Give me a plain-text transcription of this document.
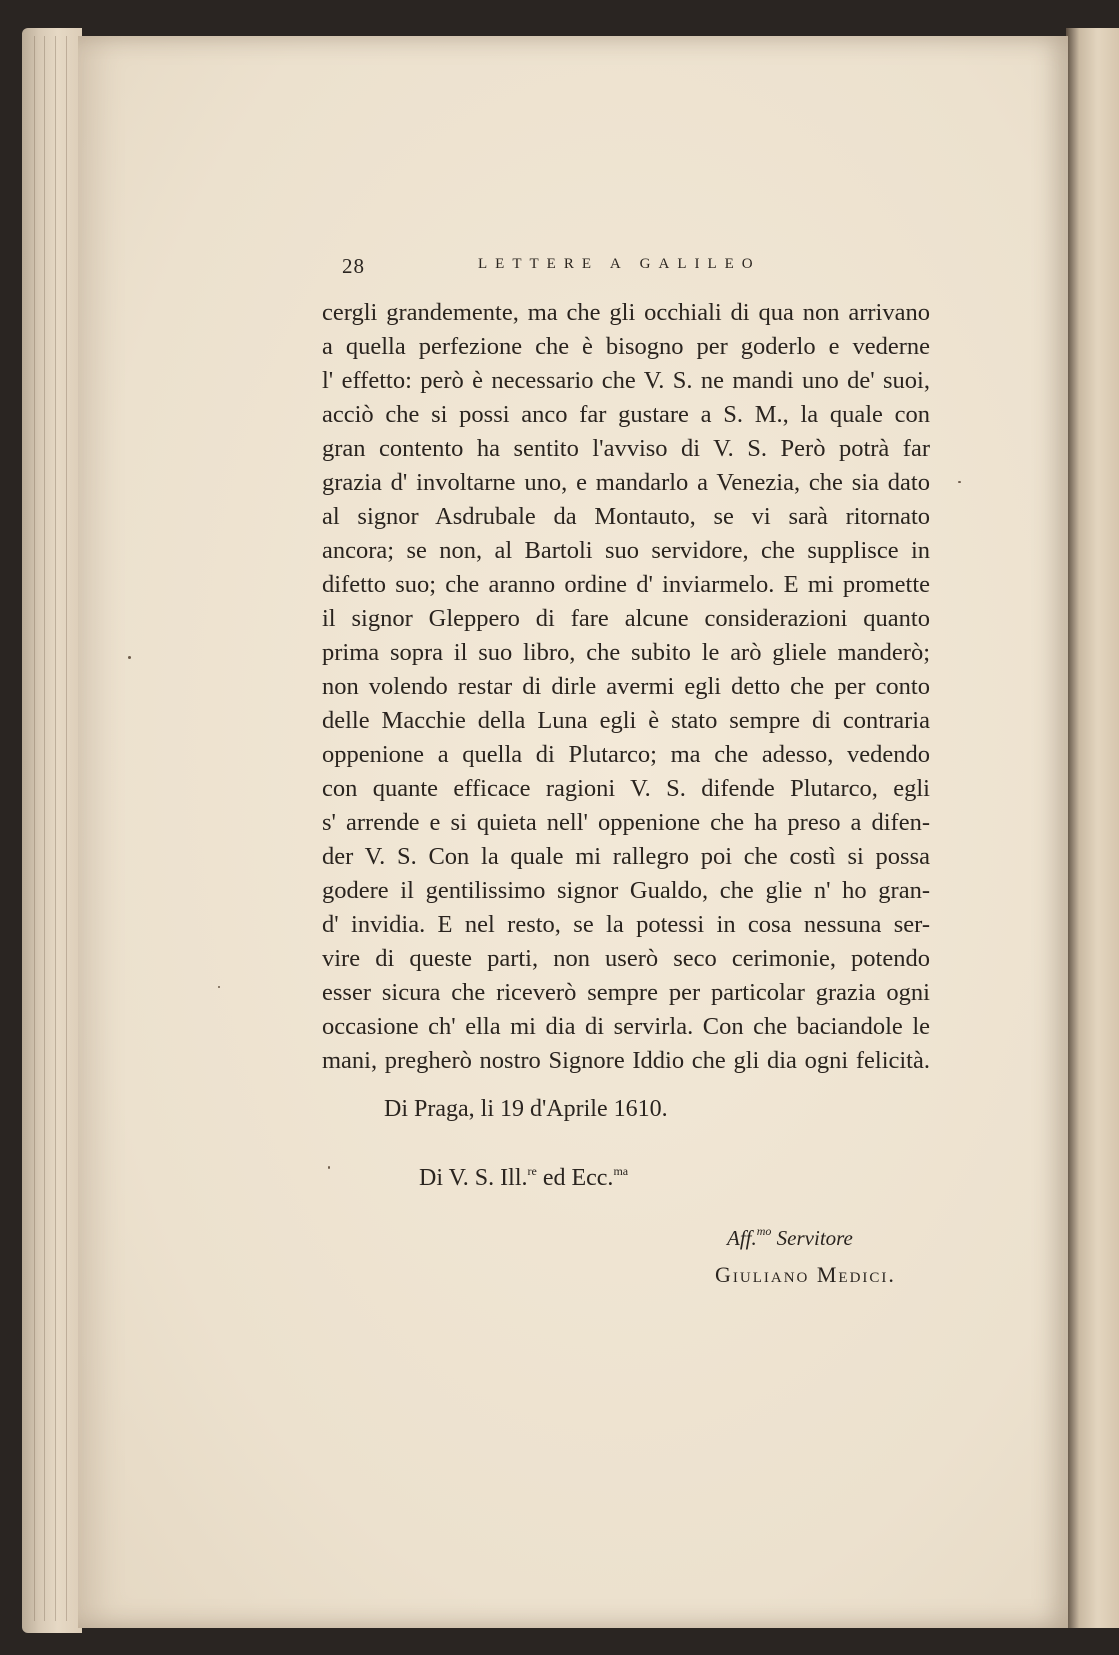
28	LETTERE A GALILEO
cergli grandemente, ma che gli occhiali di qua non arrivano
a quella perfezione che è bisogno per goderlo e vederne
l' effetto: però è necessario che V. S. ne mandi uno de' suoi,
acciò che si possi anco far gustare a S. M., la quale con
gran contento ha sentito l'avviso di V. S. Però potrà far
grazia d' involtarne uno, e mandarlo a Venezia, che sia dato
al signor Asdrubale da Montauto, se vi sarà ritornato
ancora; se non, al Bartoli suo servidore, che supplisce in
difetto suo; che aranno ordine d' inviarmelo. E mi promette
il signor Gleppero di fare alcune considerazioni quanto
prima sopra il suo libro, che subito le arò gliele manderò;
non volendo restar di dirle avermi egli detto che per conto
delle Macchie della Luna egli è stato sempre di contraria
oppenione a quella di Plutarco; ma che adesso, vedendo
con quante efficace ragioni V. S. difende Plutarco, egli
s' arrende e si quieta nell' oppenione che ha preso a difen-
der V. S. Con la quale mi rallegro poi che costì si possa
godere il gentilissimo signor Gualdo, che glie n' ho gran-
d' invidia. E nel resto, se la potessi in cosa nessuna ser-
vire di queste parti, non userò seco cerimonie, potendo
esser sicura che riceverò sempre per particolar grazia ogni
occasione ch' ella mi dia di servirla. Con che baciandole le
mani, pregherò nostro Signore Iddio che gli dia ogni felicità.
Di Praga, li 19 d'Aprile 1610.
Di V. S. Ill.$^{re}$ ed Ecc.$^{ma}$
Aff.$^{mo}$ Servitore
Giuliano Medici.
